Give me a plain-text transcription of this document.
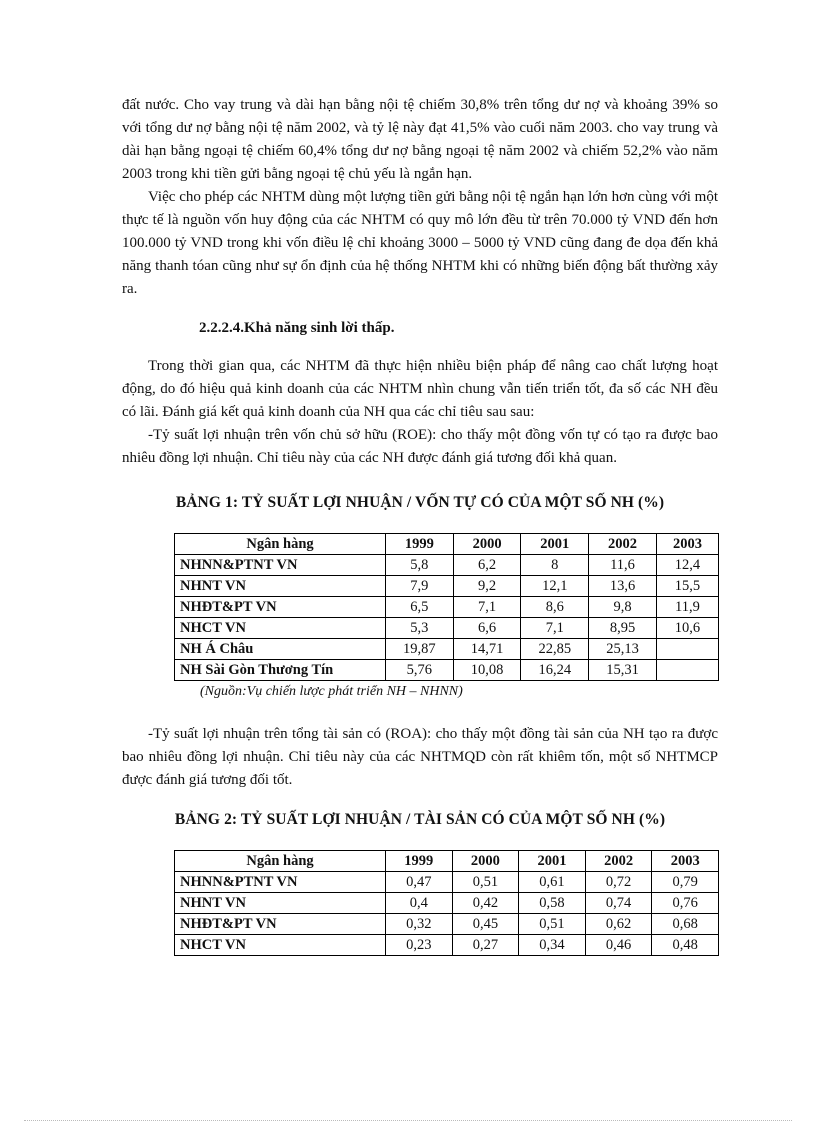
đất nước. Cho vay trung và dài hạn bằng nội tệ chiếm 30,8% trên tổng dư nợ và khoảng 39% so với tổng dư nợ bằng nội tệ năm 2002, và tỷ lệ này đạt 41,5% vào cuối năm 2003. cho vay trung và dài hạn bằng ngoại tệ chiếm 60,4% tổng dư nợ bằng ngoại tệ năm 2002 và chiếm 52,2% vào năm 2003 trong khi tiền gửi bằng ngoại tệ chủ yếu là ngắn hạn.

Việc cho phép các NHTM dùng một lượng tiền gửi bằng nội tệ ngắn hạn lớn hơn cùng với một thực tế là nguồn vốn huy động của các NHTM có quy mô lớn đều từ trên 70.000 tỷ VND đến hơn 100.000 tỷ VND trong khi vốn điều lệ chỉ khoảng 3000 – 5000 tỷ VND cũng đang đe dọa đến khả năng thanh tóan cũng như sự ổn định của hệ thống NHTM khi có những biến động bất thường xảy ra.

2.2.2.4.Khả năng sinh lời thấp.

Trong thời gian qua, các NHTM đã thực hiện nhiều biện pháp để nâng cao chất lượng hoạt động, do đó hiệu quả kinh doanh của các NHTM nhìn chung vẫn tiến triển tốt, đa số các NH đều có lãi. Đánh giá kết quả kinh doanh của NH qua các chỉ tiêu sau sau:

-Tỷ suất lợi nhuận trên vốn chủ sở hữu (ROE): cho thấy một đồng vốn tự có tạo ra được bao nhiêu đồng lợi nhuận. Chỉ tiêu này của các NH được đánh giá tương đối khả quan.

BẢNG 1: TỶ SUẤT LỢI NHUẬN / VỐN TỰ CÓ CỦA MỘT SỐ NH (%)

Ngân hàng	1999	2000	2001	2002	2003
NHNN&PTNT VN	5,8	6,2	8	11,6	12,4
NHNT VN	7,9	9,2	12,1	13,6	15,5
NHĐT&PT VN	6,5	7,1	8,6	9,8	11,9
NHCT VN	5,3	6,6	7,1	8,95	10,6
NH Á Châu	19,87	14,71	22,85	25,13	
NH Sài Gòn Thương Tín	5,76	10,08	16,24	15,31	

(Nguồn:Vụ chiến lược phát triển NH – NHNN)

-Tỷ suất lợi nhuận trên tổng tài sản có (ROA): cho thấy một đồng tài sản của NH tạo ra được bao nhiêu đồng lợi nhuận. Chỉ tiêu này của các NHTMQD còn rất khiêm tốn, một số NHTMCP được đánh giá tương đối tốt.

BẢNG 2: TỶ SUẤT LỢI NHUẬN / TÀI SẢN CÓ CỦA MỘT SỐ NH (%)

Ngân hàng	1999	2000	2001	2002	2003
NHNN&PTNT VN	0,47	0,51	0,61	0,72	0,79
NHNT VN	0,4	0,42	0,58	0,74	0,76
NHĐT&PT VN	0,32	0,45	0,51	0,62	0,68
NHCT VN	0,23	0,27	0,34	0,46	0,48
